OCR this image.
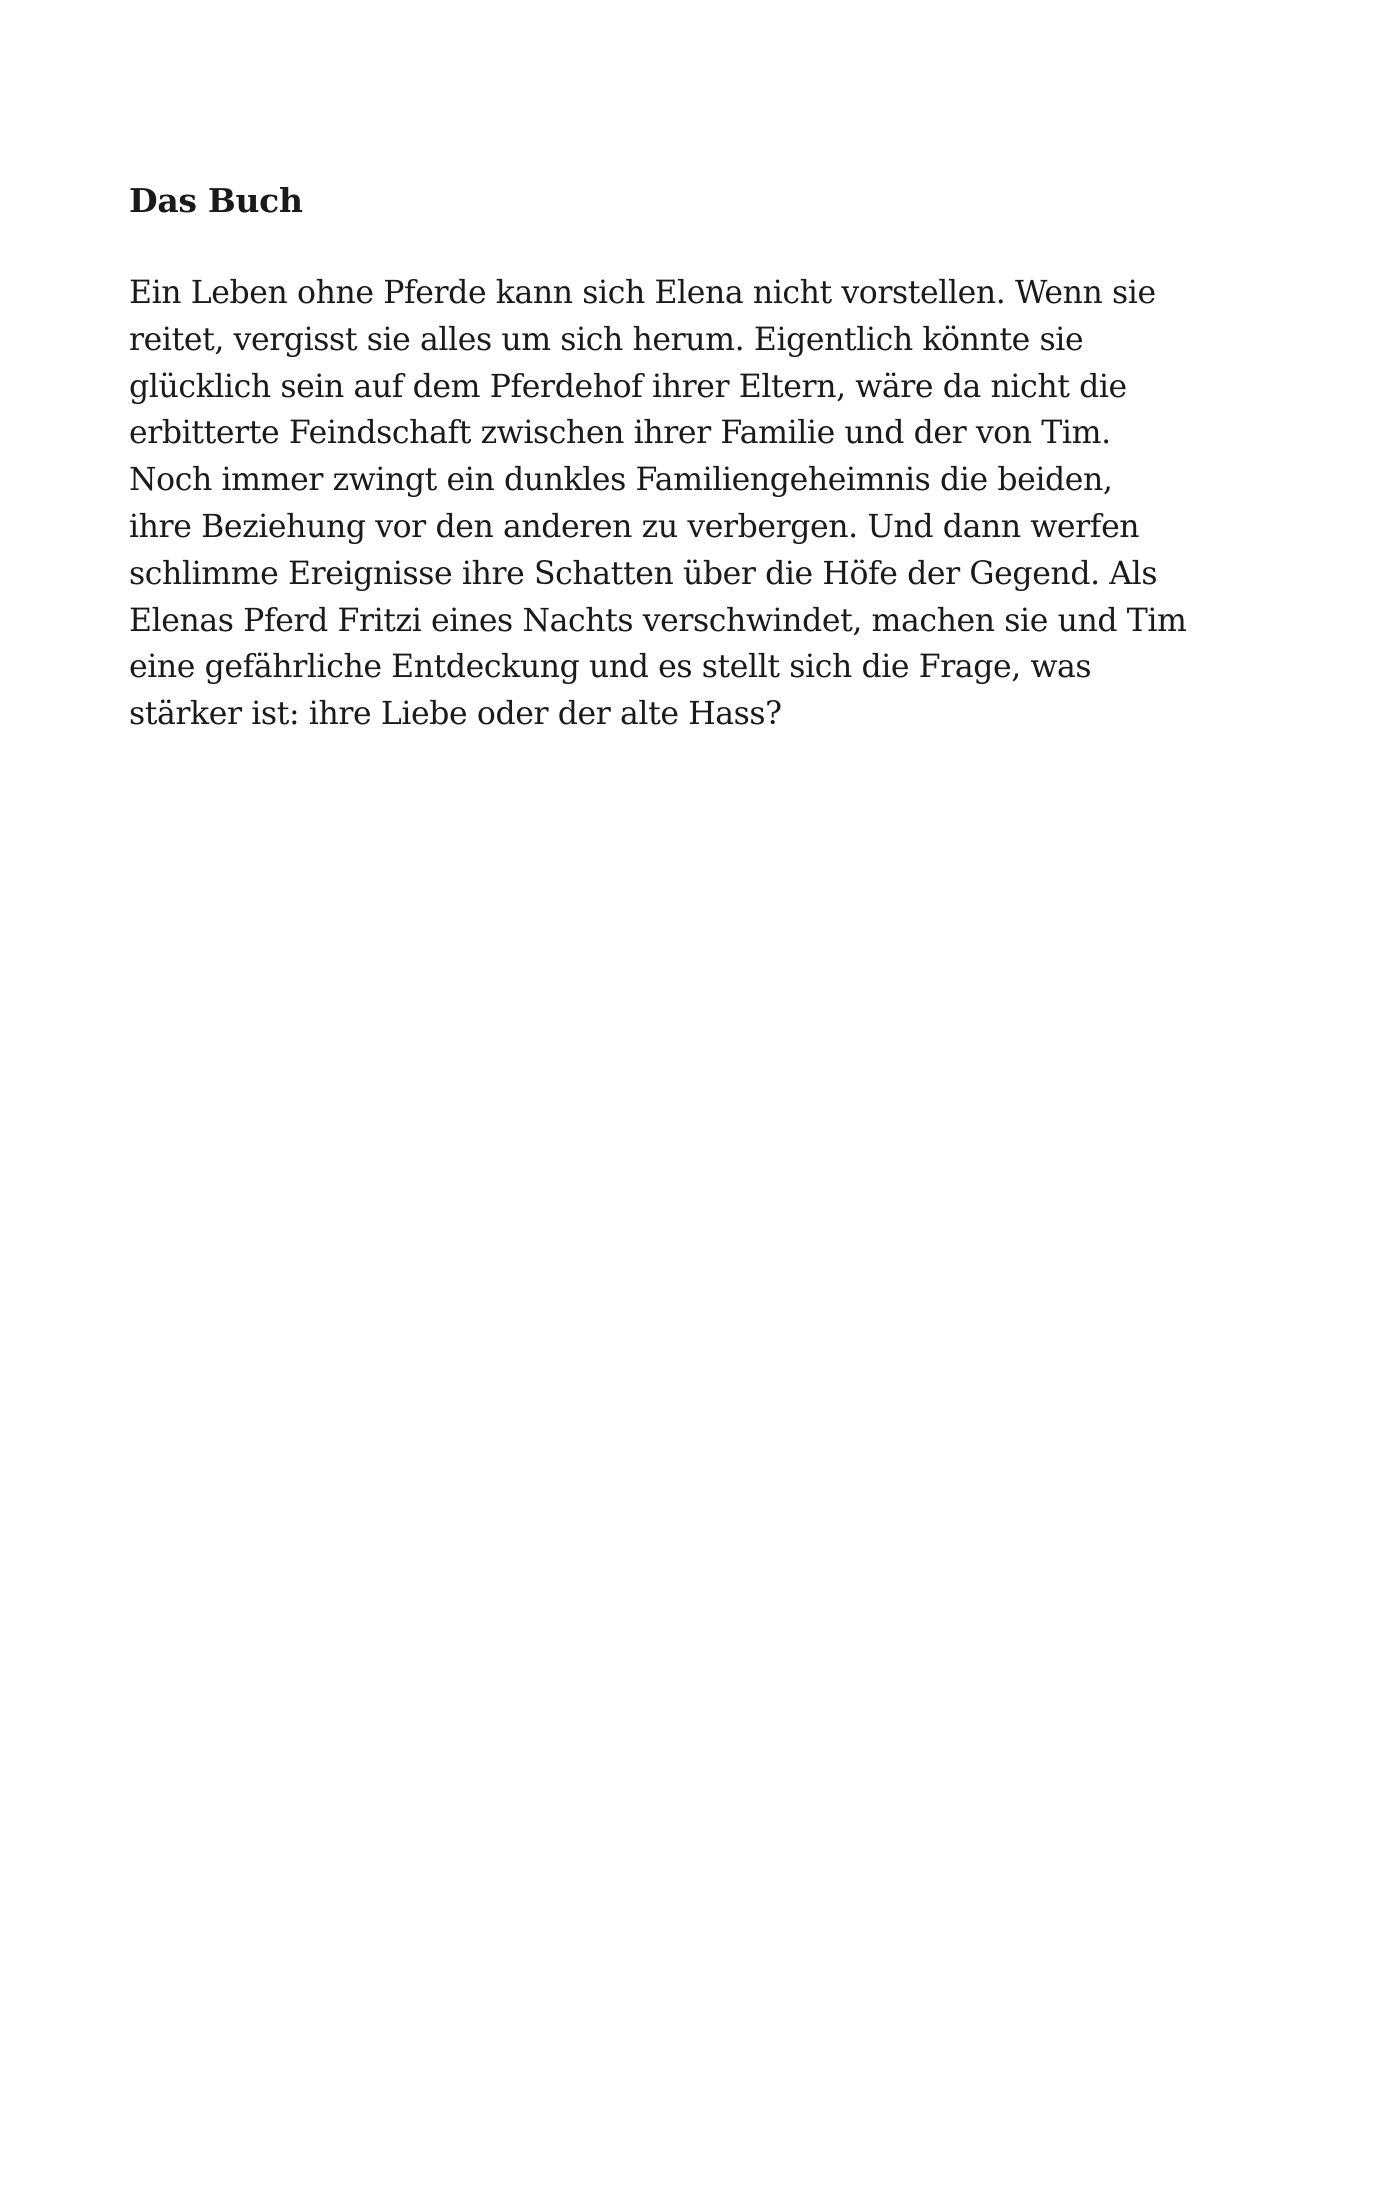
Das Buch

Ein Leben ohne Pferde kann sich Elena nicht vorstellen. Wenn sie
reitet, vergisst sie alles um sich herum. Eigentlich könnte sie
glücklich sein auf dem Pferdehof ihrer Eltern, wäre da nicht die
erbitterte Feindschaft zwischen ihrer Familie und der von Tim.
Noch immer zwingt ein dunkles Familiengeheimnis die beiden,
ihre Beziehung vor den anderen zu verbergen. Und dann werfen
schlimme Ereignisse ihre Schatten über die Höfe der Gegend. Als
Elenas Pferd Fritzi eines Nachts verschwindet, machen sie und Tim
eine gefährliche Entdeckung und es stellt sich die Frage, was
stärker ist: ihre Liebe oder der alte Hass?
